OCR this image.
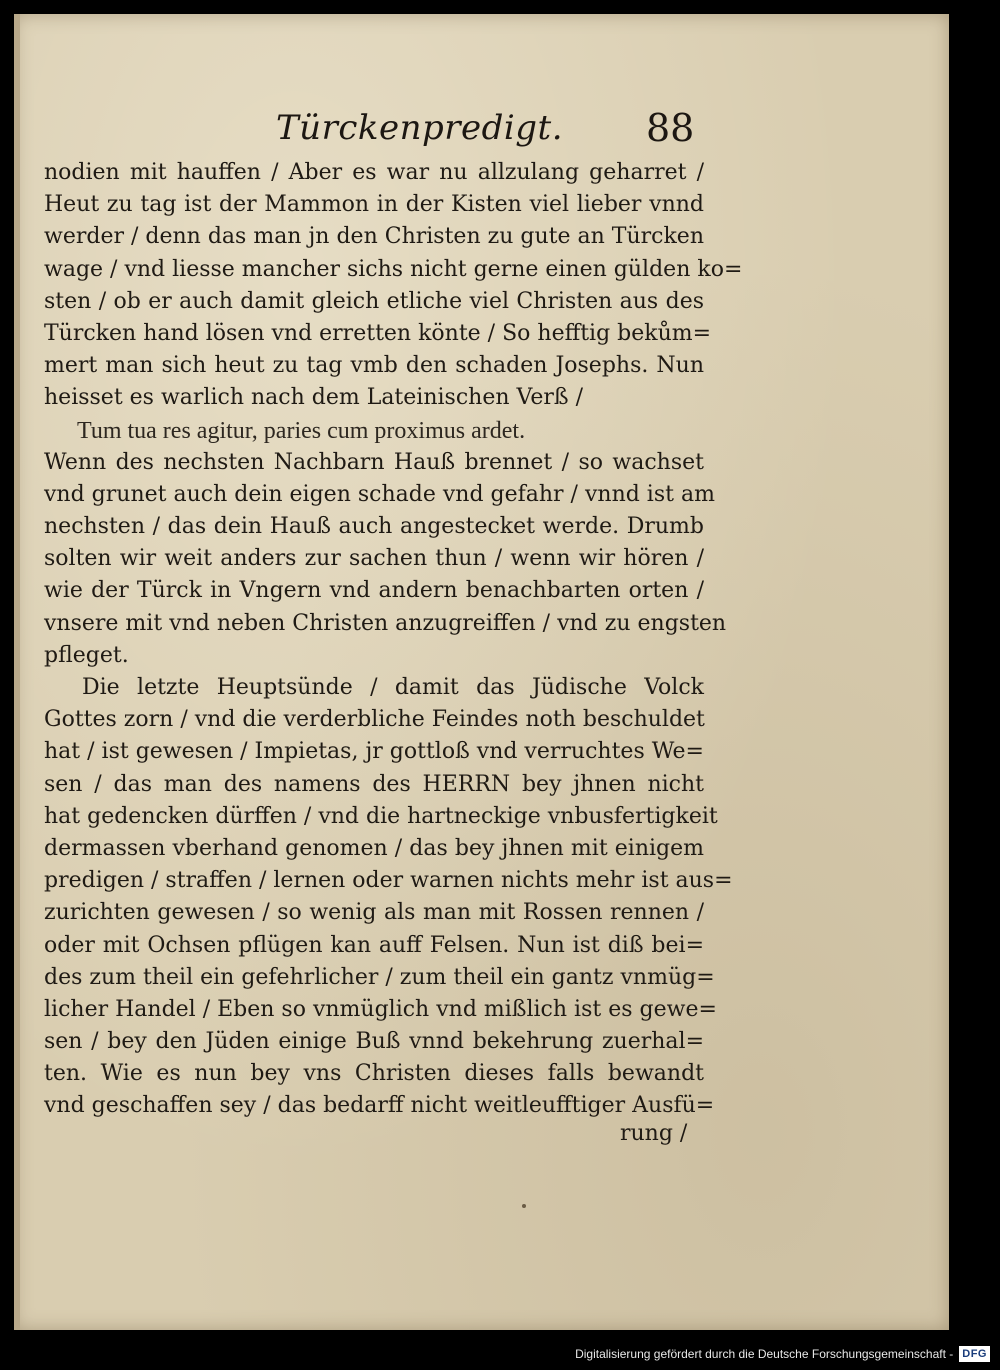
Türckenpredigt. 88
nodien mit hauffen / Aber es war nu allzulang geharret /
Heut zu tag ist der Mammon in der Kisten viel lieber vnnd
werder / denn das man jn den Christen zu gute an Türcken
wage / vnd liesse mancher sichs nicht gerne einen gülden ko=
sten / ob er auch damit gleich etliche viel Christen aus des
Türcken hand lösen vnd erretten könte / So hefftig bekům=
mert man sich heut zu tag vmb den schaden Josephs. Nun
heisset es warlich nach dem Lateinischen Verß /
Tum tua res agitur, paries cum proximus ardet.
Wenn des nechsten Nachbarn Hauß brennet / so wachset
vnd grunet auch dein eigen schade vnd gefahr / vnnd ist am
nechsten / das dein Hauß auch angestecket werde. Drumb
solten wir weit anders zur sachen thun / wenn wir hören /
wie der Türck in Vngern vnd andern benachbarten orten /
vnsere mit vnd neben Christen anzugreiffen / vnd zu engsten
pfleget.
Die letzte Heuptsünde / damit das Jüdische Volck
Gottes zorn / vnd die verderbliche Feindes noth beschuldet
hat / ist gewesen / Impietas, jr gottloß vnd verruchtes We=
sen / das man des namens des HERRN bey jhnen nicht
hat gedencken dürffen / vnd die hartneckige vnbusfertigkeit
dermassen vberhand genomen / das bey jhnen mit einigem
predigen / straffen / lernen oder warnen nichts mehr ist aus=
zurichten gewesen / so wenig als man mit Rossen rennen /
oder mit Ochsen pflügen kan auff Felsen. Nun ist diß bei=
des zum theil ein gefehrlicher / zum theil ein gantz vnmüg=
licher Handel / Eben so vnmüglich vnd mißlich ist es gewe=
sen / bey den Jüden einige Buß vnnd bekehrung zuerhal=
ten. Wie es nun bey vns Christen dieses falls bewandt
vnd geschaffen sey / das bedarff nicht weitleufftiger Ausfü=
rung /
Digitalisierung gefördert durch die Deutsche Forschungsgemeinschaft - DFG
